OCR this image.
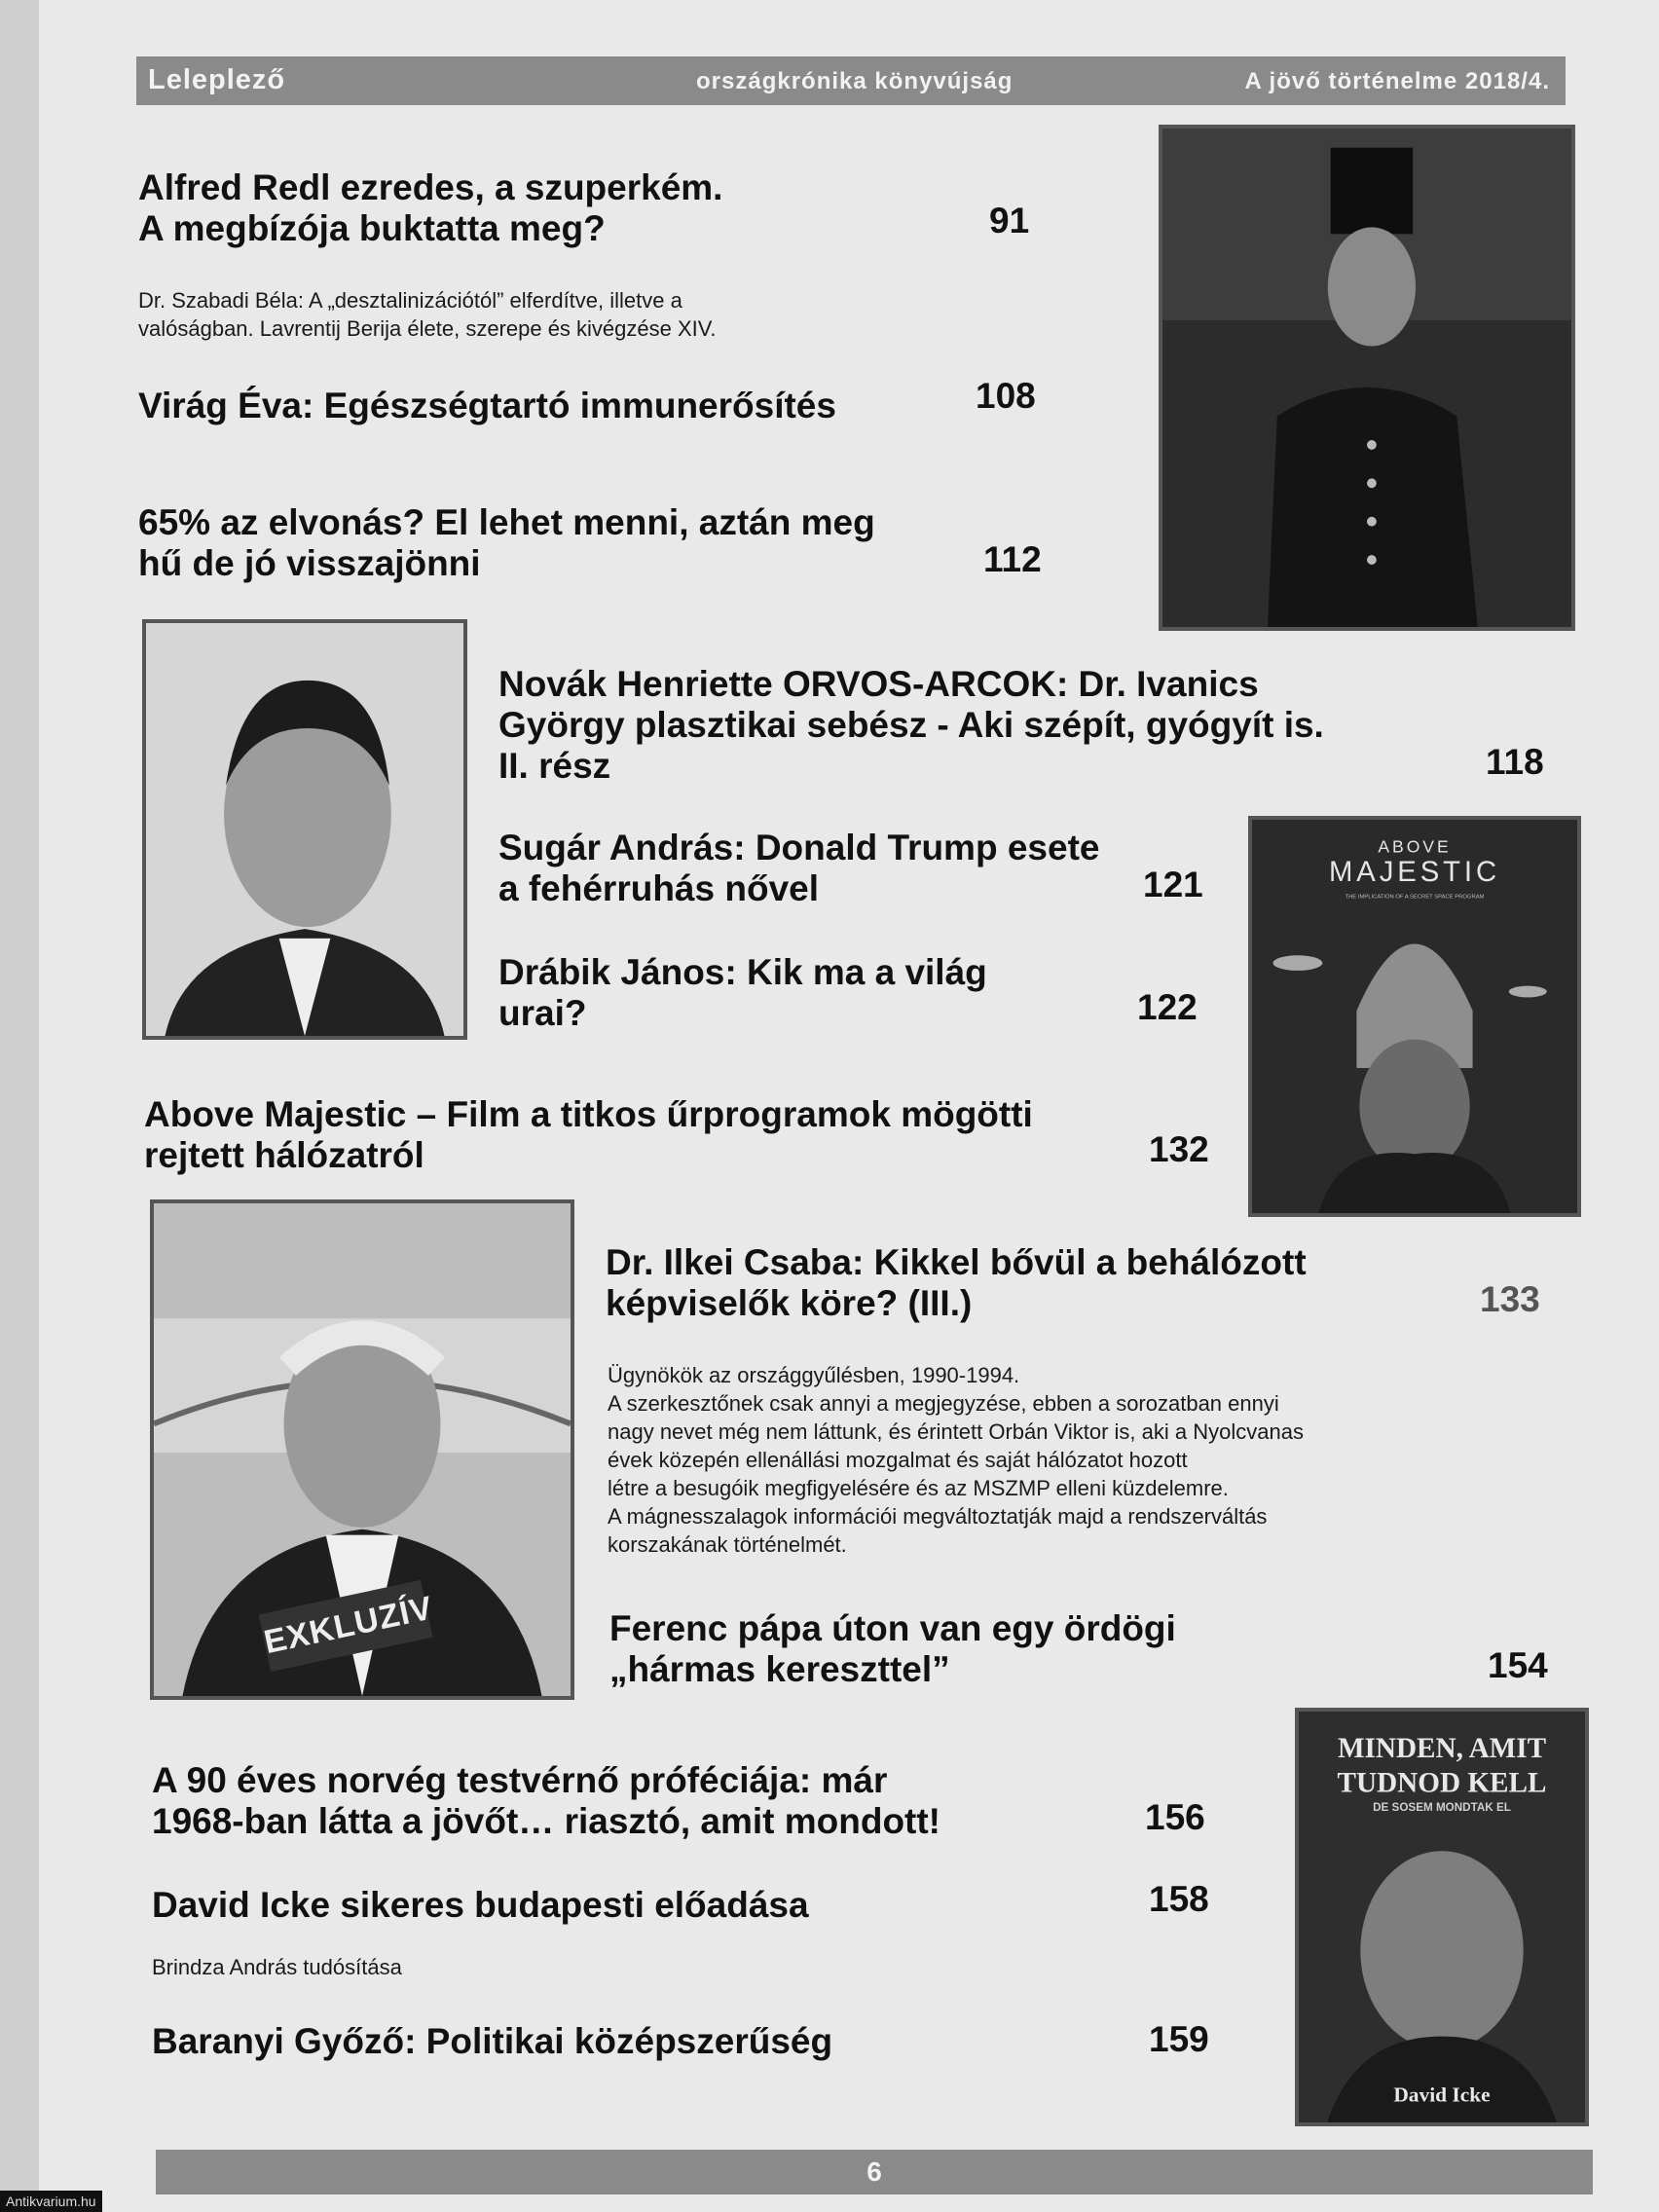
Leleplező	országkrónika könyvújság	A jövő történelme 2018/4.
Alfred Redl ezredes, a szuperkém.
A megbízója buktatta meg?	91
Dr. Szabadi Béla: A „desztalinizációtól” elferdítve, illetve a
valóságban. Lavrentij Berija élete, szerepe és kivégzése XIV.
Virág Éva: Egészségtartó immunerősítés	108
65% az elvonás? El lehet menni, aztán meg
hű de jó visszajönni	112
Novák Henriette ORVOS-ARCOK: Dr. Ivanics
György plasztikai sebész - Aki szépít, gyógyít is.
II. rész	118
Sugár András: Donald Trump esete
a fehérruhás nővel	121
Drábik János: Kik ma a világ
urai?	122
ABOVE
MAJESTIC
THE IMPLICATION OF A SECRET SPACE PROGRAM
Above Majestic – Film a titkos űrprogramok mögötti
rejtett hálózatról	132
EXKLUZÍV
Dr. Ilkei Csaba: Kikkel bővül a behálózott
képviselők köre? (III.)	133
Ügynökök az országgyűlésben, 1990-1994.
A szerkesztőnek csak annyi a megjegyzése, ebben a sorozatban ennyi
nagy nevet még nem láttunk, és érintett Orbán Viktor is, aki a Nyolcvanas
évek közepén ellenállási mozgalmat és saját hálózatot hozott
létre a besugóik megfigyelésére és az MSZMP elleni küzdelemre.
A mágnesszalagok információi megváltoztatják majd a rendszerváltás
korszakának történelmét.
Ferenc pápa úton van egy ördögi
„hármas kereszttel”	154
MINDEN, AMIT
TUDNOD KELL
DE SOSEM MONDTAK EL
David Icke
A 90 éves norvég testvérnő próféciája: már
1968-ban látta a jövőt… riasztó, amit mondott!	156
David Icke sikeres budapesti előadása	158
Brindza András tudósítása
Baranyi Győző: Politikai középszerűség	159
6
Antikvarium.hu
